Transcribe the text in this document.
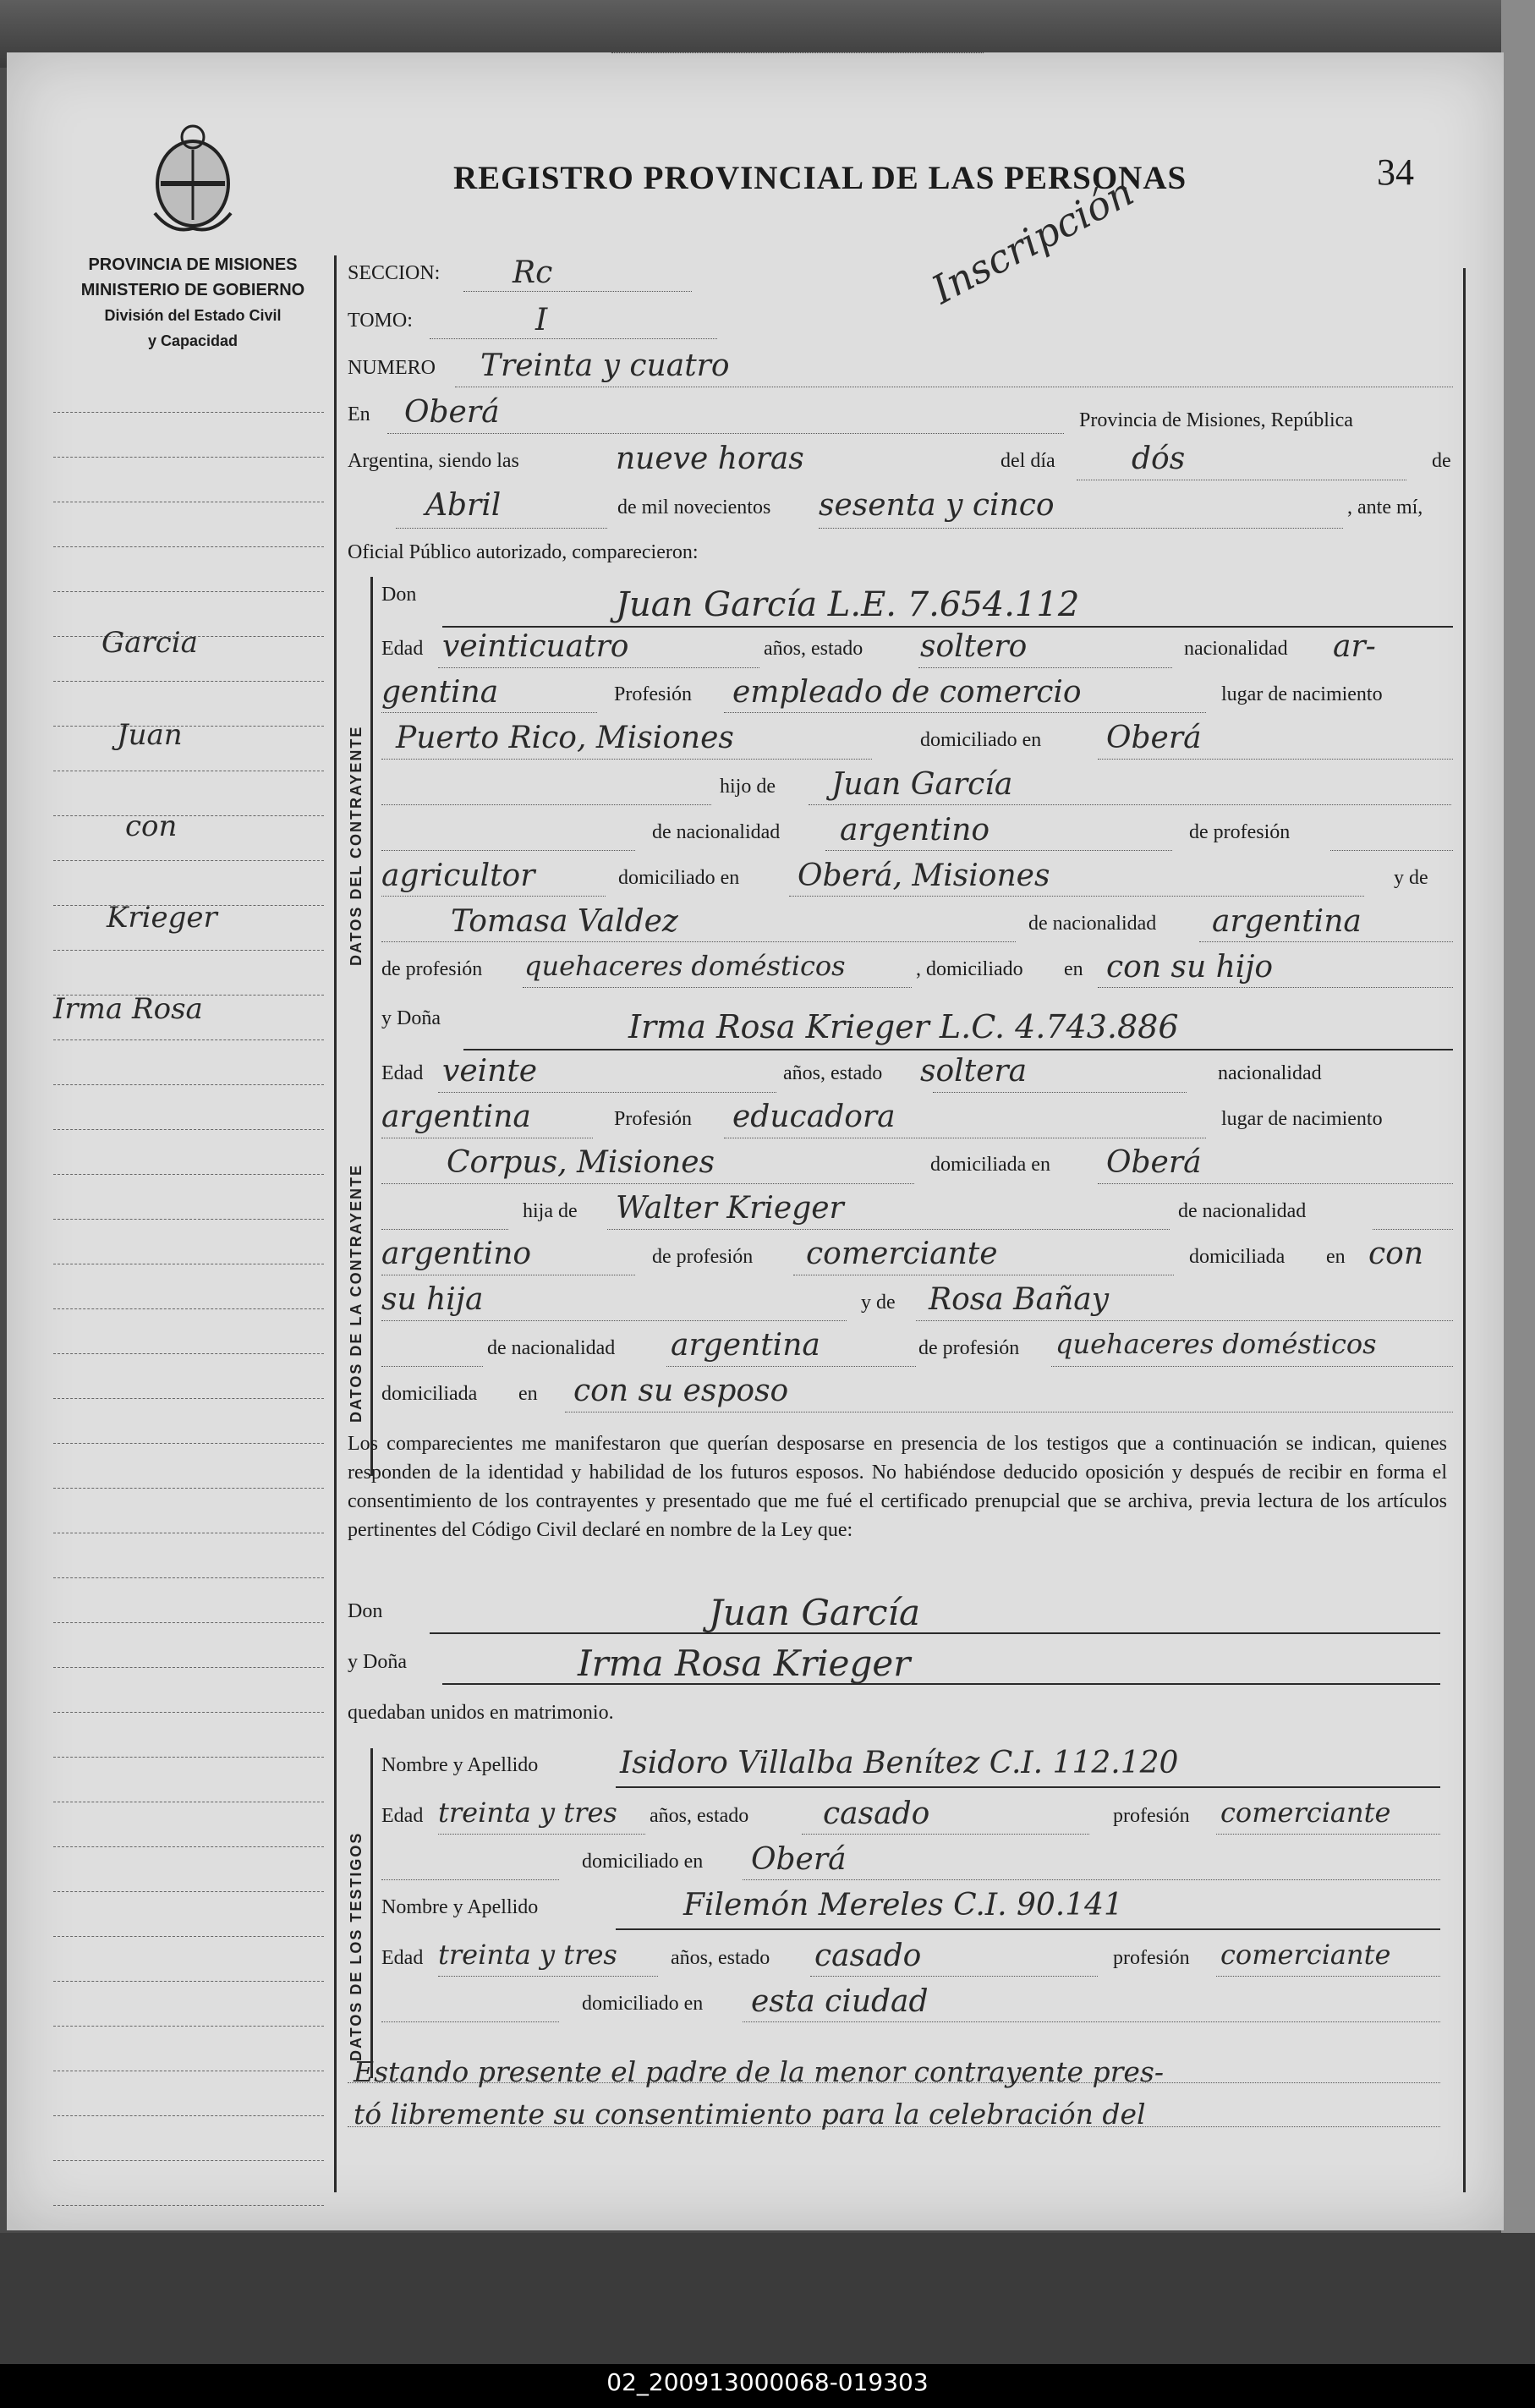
PROVINCIA DE MISIONES
MINISTERIO DE GOBIERNO
División del Estado Civil
y Capacidad
REGISTRO PROVINCIAL DE LAS PERSONAS	34
Inscripción
Garcia
Juan
con
Krieger
Irma Rosa
SECCION: Rc
TOMO:	I
NUMERO Treinta y cuatro
En Oberá	Provincia de Misiones, República
Argentina, siendo las	nueve horas	del día	dós	de
Abril	de mil novecientos sesenta y cinco	, ante mí,
Oficial Público autorizado, comparecieron:
DATOS DEL CONTRAYENTE
Don	Juan García L.E. 7.654.112
Edad veinticuatro	años, estado soltero	nacionalidad ar-
gentina	Profesión empleado de comercio	lugar de nacimiento
Puerto Rico, Misiones	domiciliado en Oberá
hijo de Juan García
de nacionalidad argentino	de profesión
agricultor	domiciliado en Oberá, Misiones	y de
Tomasa Valdez	de nacionalidad argentina
de profesión quehaceres domésticos	, domiciliado en con su hijo
DATOS DE LA CONTRAYENTE
y Doña	Irma Rosa Krieger L.C. 4.743.886
Edad veinte	años, estado soltera	nacionalidad
argentina	Profesión educadora	lugar de nacimiento
Corpus, Misiones	domiciliada en Oberá
hija de Walter Krieger	de nacionalidad
argentino	de profesión comerciante	domiciliada en con
su hija	y de Rosa Bañay
de nacionalidad argentina	de profesión quehaceres domésticos
domiciliada en con su esposo
Los comparecientes me manifestaron que querían desposarse en presencia de los testigos que a continuación se indican, quienes responden de la identidad y habilidad de los futuros esposos. No habiéndose deducido oposición y después de recibir en forma el consentimiento de los contrayentes y presentado que me fué el certificado prenupcial que se archiva, previa lectura de los artículos pertinentes del Código Civil declaré en nombre de la Ley que:
Don	Juan García
y Doña	Irma Rosa Krieger
quedaban unidos en matrimonio.
DATOS DE LOS TESTIGOS
Nombre y Apellido	Isidoro Villalba Benítez C.I. 112.120
Edad treinta y tres años, estado casado	profesión comerciante
domiciliado en Oberá
Nombre y Apellido	Filemón Mereles C.I. 90.141
Edad treinta y tres	años, estado casado	profesión comerciante
domiciliado en esta ciudad
Estando presente el padre de la menor contrayente pres-
tó libremente su consentimiento para la celebración del
02_200913000068-019303
